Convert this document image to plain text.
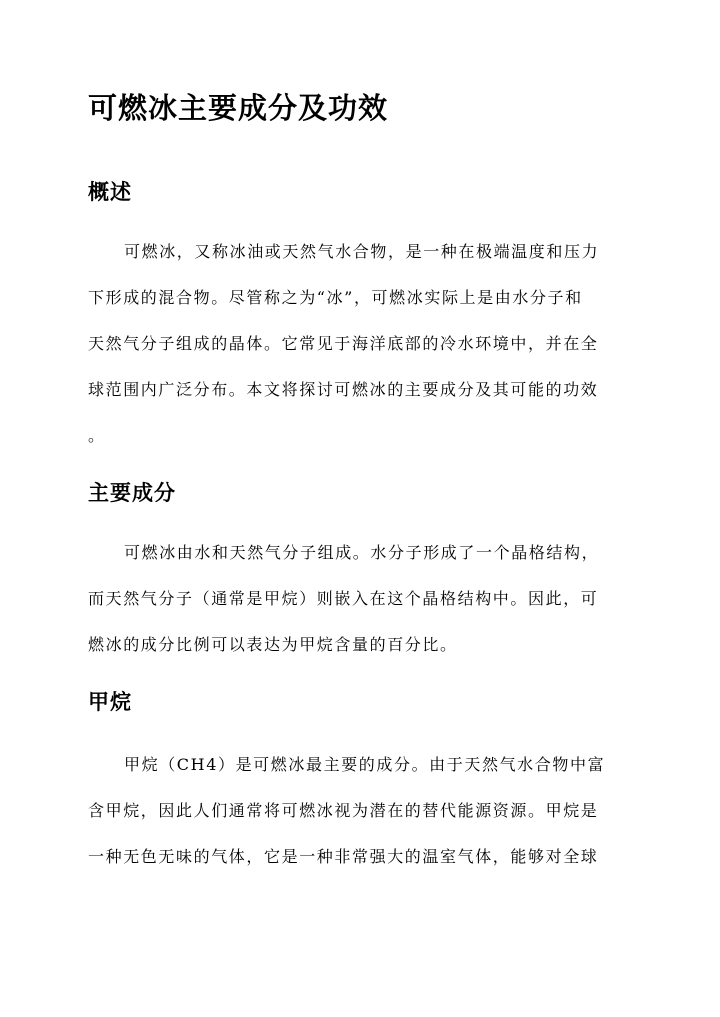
可燃冰主要成分及功效
概述
可燃冰，又称冰油或天然气水合物，是一种在极端温度和压力
下形成的混合物。尽管称之为“冰”，可燃冰实际上是由水分子和
天然气分子组成的晶体。它常见于海洋底部的冷水环境中，并在全
球范围内广泛分布。本文将探讨可燃冰的主要成分及其可能的功效
。
主要成分
可燃冰由水和天然气分子组成。水分子形成了一个晶格结构，
而天然气分子（通常是甲烷）则嵌入在这个晶格结构中。因此，可
燃冰的成分比例可以表达为甲烷含量的百分比。
甲烷
甲烷（CH4）是可燃冰最主要的成分。由于天然气水合物中富
含甲烷，因此人们通常将可燃冰视为潜在的替代能源资源。甲烷是
一种无色无味的气体，它是一种非常强大的温室气体，能够对全球
